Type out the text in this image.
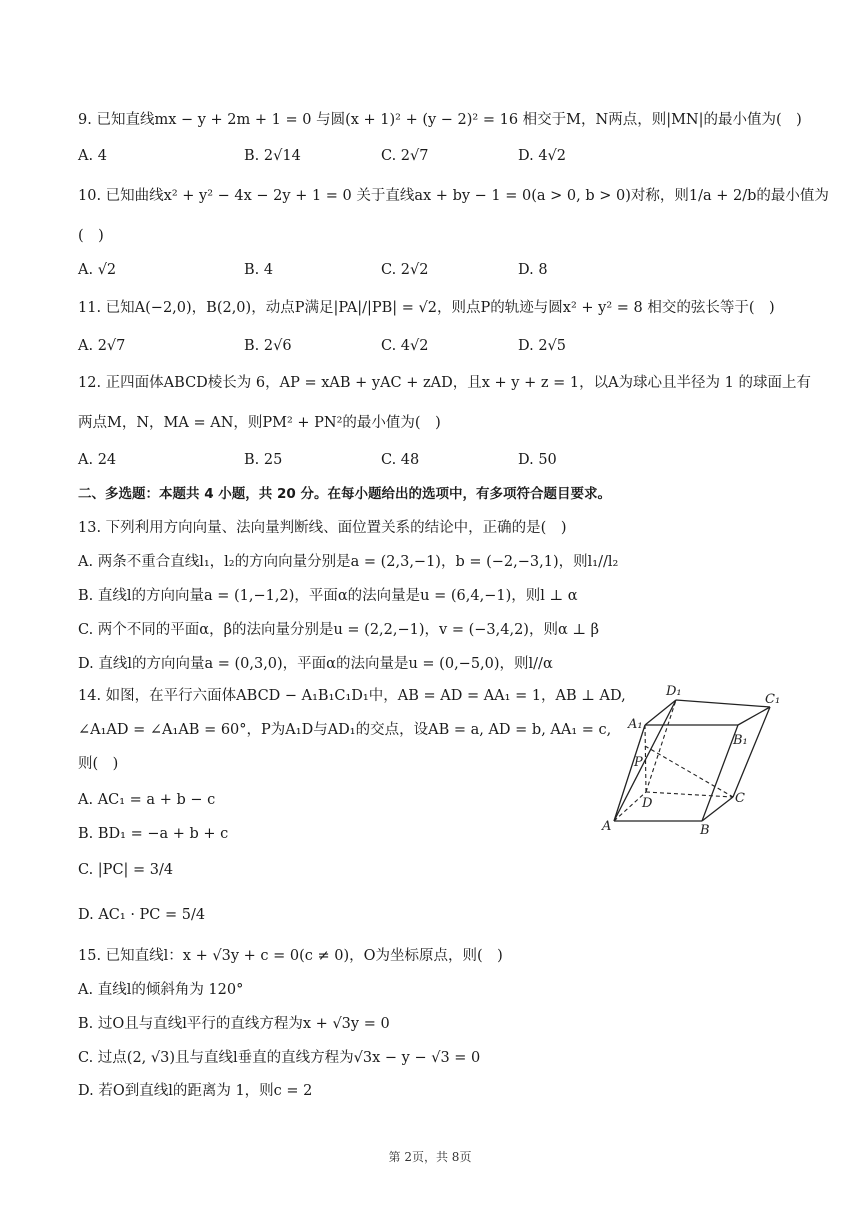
9. 已知直线mx − y + 2m + 1 = 0 与圆(x + 1)² + (y − 2)² = 16 相交于M，N两点，则|MN|的最小值为(　)
A. 4	B. 2√14	C. 2√7	D. 4√2
10. 已知曲线x² + y² − 4x − 2y + 1 = 0 关于直线ax + by − 1 = 0(a > 0, b > 0)对称，则1/a + 2/b的最小值为
(　)
A. √2	B. 4	C. 2√2	D. 8
11. 已知A(−2,0)，B(2,0)，动点P满足|PA|/|PB| = √2，则点P的轨迹与圆x² + y² = 8 相交的弦长等于(　)
A. 2√7	B. 2√6	C. 4√2	D. 2√5
12. 正四面体ABCD棱长为 6，AP = xAB + yAC + zAD，且x + y + z = 1，以A为球心且半径为 1 的球面上有
两点M，N，MA = AN，则PM² + PN²的最小值为(　)
A. 24	B. 25	C. 48	D. 50
二、多选题：本题共 4 小题，共 20 分。在每小题给出的选项中，有多项符合题目要求。
13. 下列利用方向向量、法向量判断线、面位置关系的结论中，正确的是(　)
A. 两条不重合直线l₁，l₂的方向向量分别是a = (2,3,−1)，b = (−2,−3,1)，则l₁//l₂
B. 直线l的方向向量a = (1,−1,2)，平面α的法向量是u = (6,4,−1)，则l ⊥ α
C. 两个不同的平面α，β的法向量分别是u = (2,2,−1)，v = (−3,4,2)，则α ⊥ β
D. 直线l的方向向量a = (0,3,0)，平面α的法向量是u = (0,−5,0)，则l//α
14. 如图，在平行六面体ABCD − A₁B₁C₁D₁中，AB = AD = AA₁ = 1，AB ⊥ AD,
∠A₁AD = ∠A₁AB = 60°，P为A₁D与AD₁的交点，设AB = a, AD = b, AA₁ = c,
则(　)
A. AC₁ = a + b − c
B. BD₁ = −a + b + c
C. |PC| = 3/4
D. AC₁ · PC = 5/4
D₁
C₁
A₁
B₁
P
D	C
A	B
15. 已知直线l：x + √3y + c = 0(c ≠ 0)，O为坐标原点，则(　)
A. 直线l的倾斜角为 120°
B. 过O且与直线l平行的直线方程为x + √3y = 0
C. 过点(2, √3)且与直线l垂直的直线方程为√3x − y − √3 = 0
D. 若O到直线l的距离为 1，则c = 2
第 2页，共 8页
